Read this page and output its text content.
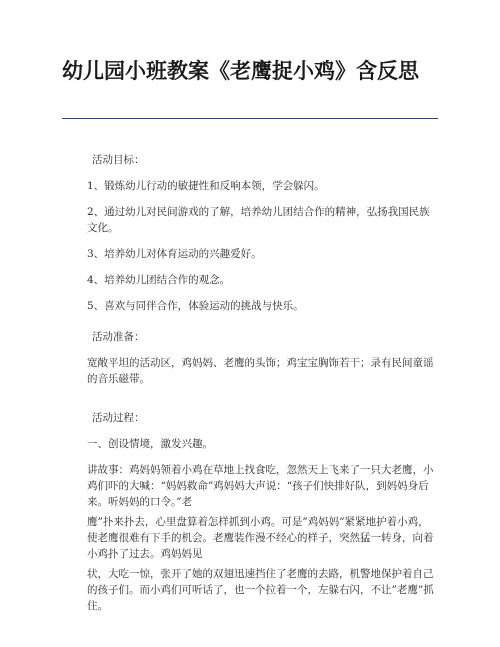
幼儿园小班教案《老鹰捉小鸡》含反思

活动目标：

1、锻炼幼儿行动的敏捷性和反响本领，学会躲闪。

2、通过幼儿对民间游戏的了解，培养幼儿团结合作的精神，弘扬我国民族文化。

3、培养幼儿对体育运动的兴趣爱好。

4、培养幼儿团结合作的观念。

5、喜欢与同伴合作，体验运动的挑战与快乐。

活动准备：

宽敞平坦的活动区，鸡妈妈、老鹰的头饰；鸡宝宝胸饰若干；录有民间童谣的音乐磁带。

活动过程：

一、创设情境，激发兴趣。

讲故事：鸡妈妈领着小鸡在草地上找食吃，忽然天上飞来了一只大老鹰，小鸡们吓的大喊：“妈妈救命”鸡妈妈大声说：“孩子们快排好队，到妈妈身后来。听妈妈的口令。”老

鹰”扑来扑去，心里盘算着怎样抓到小鸡。可是”鸡妈妈”紧紧地护着小鸡，使老鹰很难有下手的机会。老鹰装作漫不经心的样子，突然猛一转身，向着小鸡扑了过去。鸡妈妈见

状，大吃一惊，张开了她的双翅迅速挡住了老鹰的去路，机警地保护着自己的孩子们。而小鸡们可听话了，也一个拉着一个，左躲右闪，不让”老鹰”抓住。
